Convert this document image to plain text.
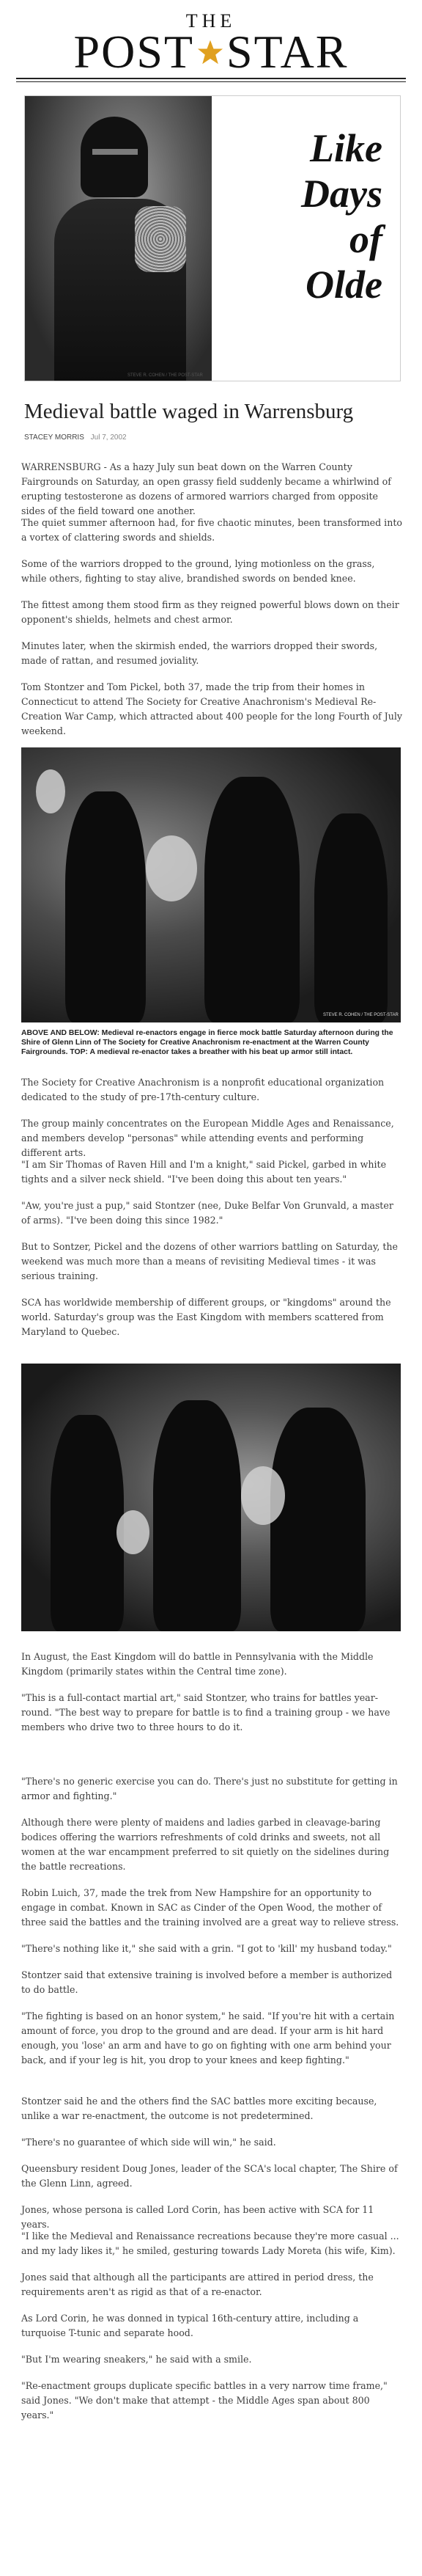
THE
POST STAR
Like
Days
of
Olde
STEVE R. COHEN / THE POST-STAR
Medieval battle waged in Warrensburg
STACEY MORRIS Jul 7, 2002
WARRENSBURG - As a hazy July sun beat down on the Warren County Fairgrounds on Saturday, an open grassy field suddenly became a whirlwind of erupting testosterone as dozens of armored warriors charged from opposite sides of the field toward one another.
The quiet summer afternoon had, for five chaotic minutes, been transformed into a vortex of clattering swords and shields.
Some of the warriors dropped to the ground, lying motionless on the grass, while others, fighting to stay alive, brandished swords on bended knee.
The fittest among them stood firm as they reigned powerful blows down on their opponent's shields, helmets and chest armor.
Minutes later, when the skirmish ended, the warriors dropped their swords, made of rattan, and resumed joviality.
Tom Stontzer and Tom Pickel, both 37, made the trip from their homes in Connecticut to attend The Society for Creative Anachronism's Medieval Re-Creation War Camp, which attracted about 400 people for the long Fourth of July weekend.
STEVE R. COHEN / THE POST-STAR
ABOVE AND BELOW: Medieval re-enactors engage in fierce mock battle Saturday afternoon during the Shire of Glenn Linn of The Society for Creative Anachronism re-enactment at the Warren County Fairgrounds. TOP: A medieval re-enactor takes a breather with his beat up armor still intact.
The Society for Creative Anachronism is a nonprofit educational organization dedicated to the study of pre-17th-century culture.
The group mainly concentrates on the European Middle Ages and Renaissance, and members develop "personas" while attending events and performing different arts.
"I am Sir Thomas of Raven Hill and I'm a knight," said Pickel, garbed in white tights and a silver neck shield. "I've been doing this about ten years."
"Aw, you're just a pup," said Stontzer (nee, Duke Belfar Von Grunvald, a master of arms). "I've been doing this since 1982."
But to Sontzer, Pickel and the dozens of other warriors battling on Saturday, the weekend was much more than a means of revisiting Medieval times - it was serious training.
SCA has worldwide membership of different groups, or "kingdoms" around the world. Saturday's group was the East Kingdom with members scattered from Maryland to Quebec.
In August, the East Kingdom will do battle in Pennsylvania with the Middle Kingdom (primarily states within the Central time zone).
"This is a full-contact martial art," said Stontzer, who trains for battles year-round. "The best way to prepare for battle is to find a training group - we have members who drive two to three hours to do it.
"There's no generic exercise you can do. There's just no substitute for getting in armor and fighting."
Although there were plenty of maidens and ladies garbed in cleavage-baring bodices offering the warriors refreshments of cold drinks and sweets, not all women at the war encampment preferred to sit quietly on the sidelines during the battle recreations.
Robin Luich, 37, made the trek from New Hampshire for an opportunity to engage in combat. Known in SAC as Cinder of the Open Wood, the mother of three said the battles and the training involved are a great way to relieve stress.
"There's nothing like it," she said with a grin. "I got to 'kill' my husband today."
Stontzer said that extensive training is involved before a member is authorized to do battle.
"The fighting is based on an honor system," he said. "If you're hit with a certain amount of force, you drop to the ground and are dead. If your arm is hit hard enough, you 'lose' an arm and have to go on fighting with one arm behind your back, and if your leg is hit, you drop to your knees and keep fighting."
Stontzer said he and the others find the SAC battles more exciting because, unlike a war re-enactment, the outcome is not predetermined.
"There's no guarantee of which side will win," he said.
Queensbury resident Doug Jones, leader of the SCA's local chapter, The Shire of the Glenn Linn, agreed.
Jones, whose persona is called Lord Corin, has been active with SCA for 11 years.
"I like the Medieval and Renaissance recreations because they're more casual ... and my lady likes it," he smiled, gesturing towards Lady Moreta (his wife, Kim).
Jones said that although all the participants are attired in period dress, the requirements aren't as rigid as that of a re-enactor.
As Lord Corin, he was donned in typical 16th-century attire, including a turquoise T-tunic and separate hood.
"But I'm wearing sneakers," he said with a smile.
"Re-enactment groups duplicate specific battles in a very narrow time frame," said Jones. "We don't make that attempt - the Middle Ages span about 800 years."
